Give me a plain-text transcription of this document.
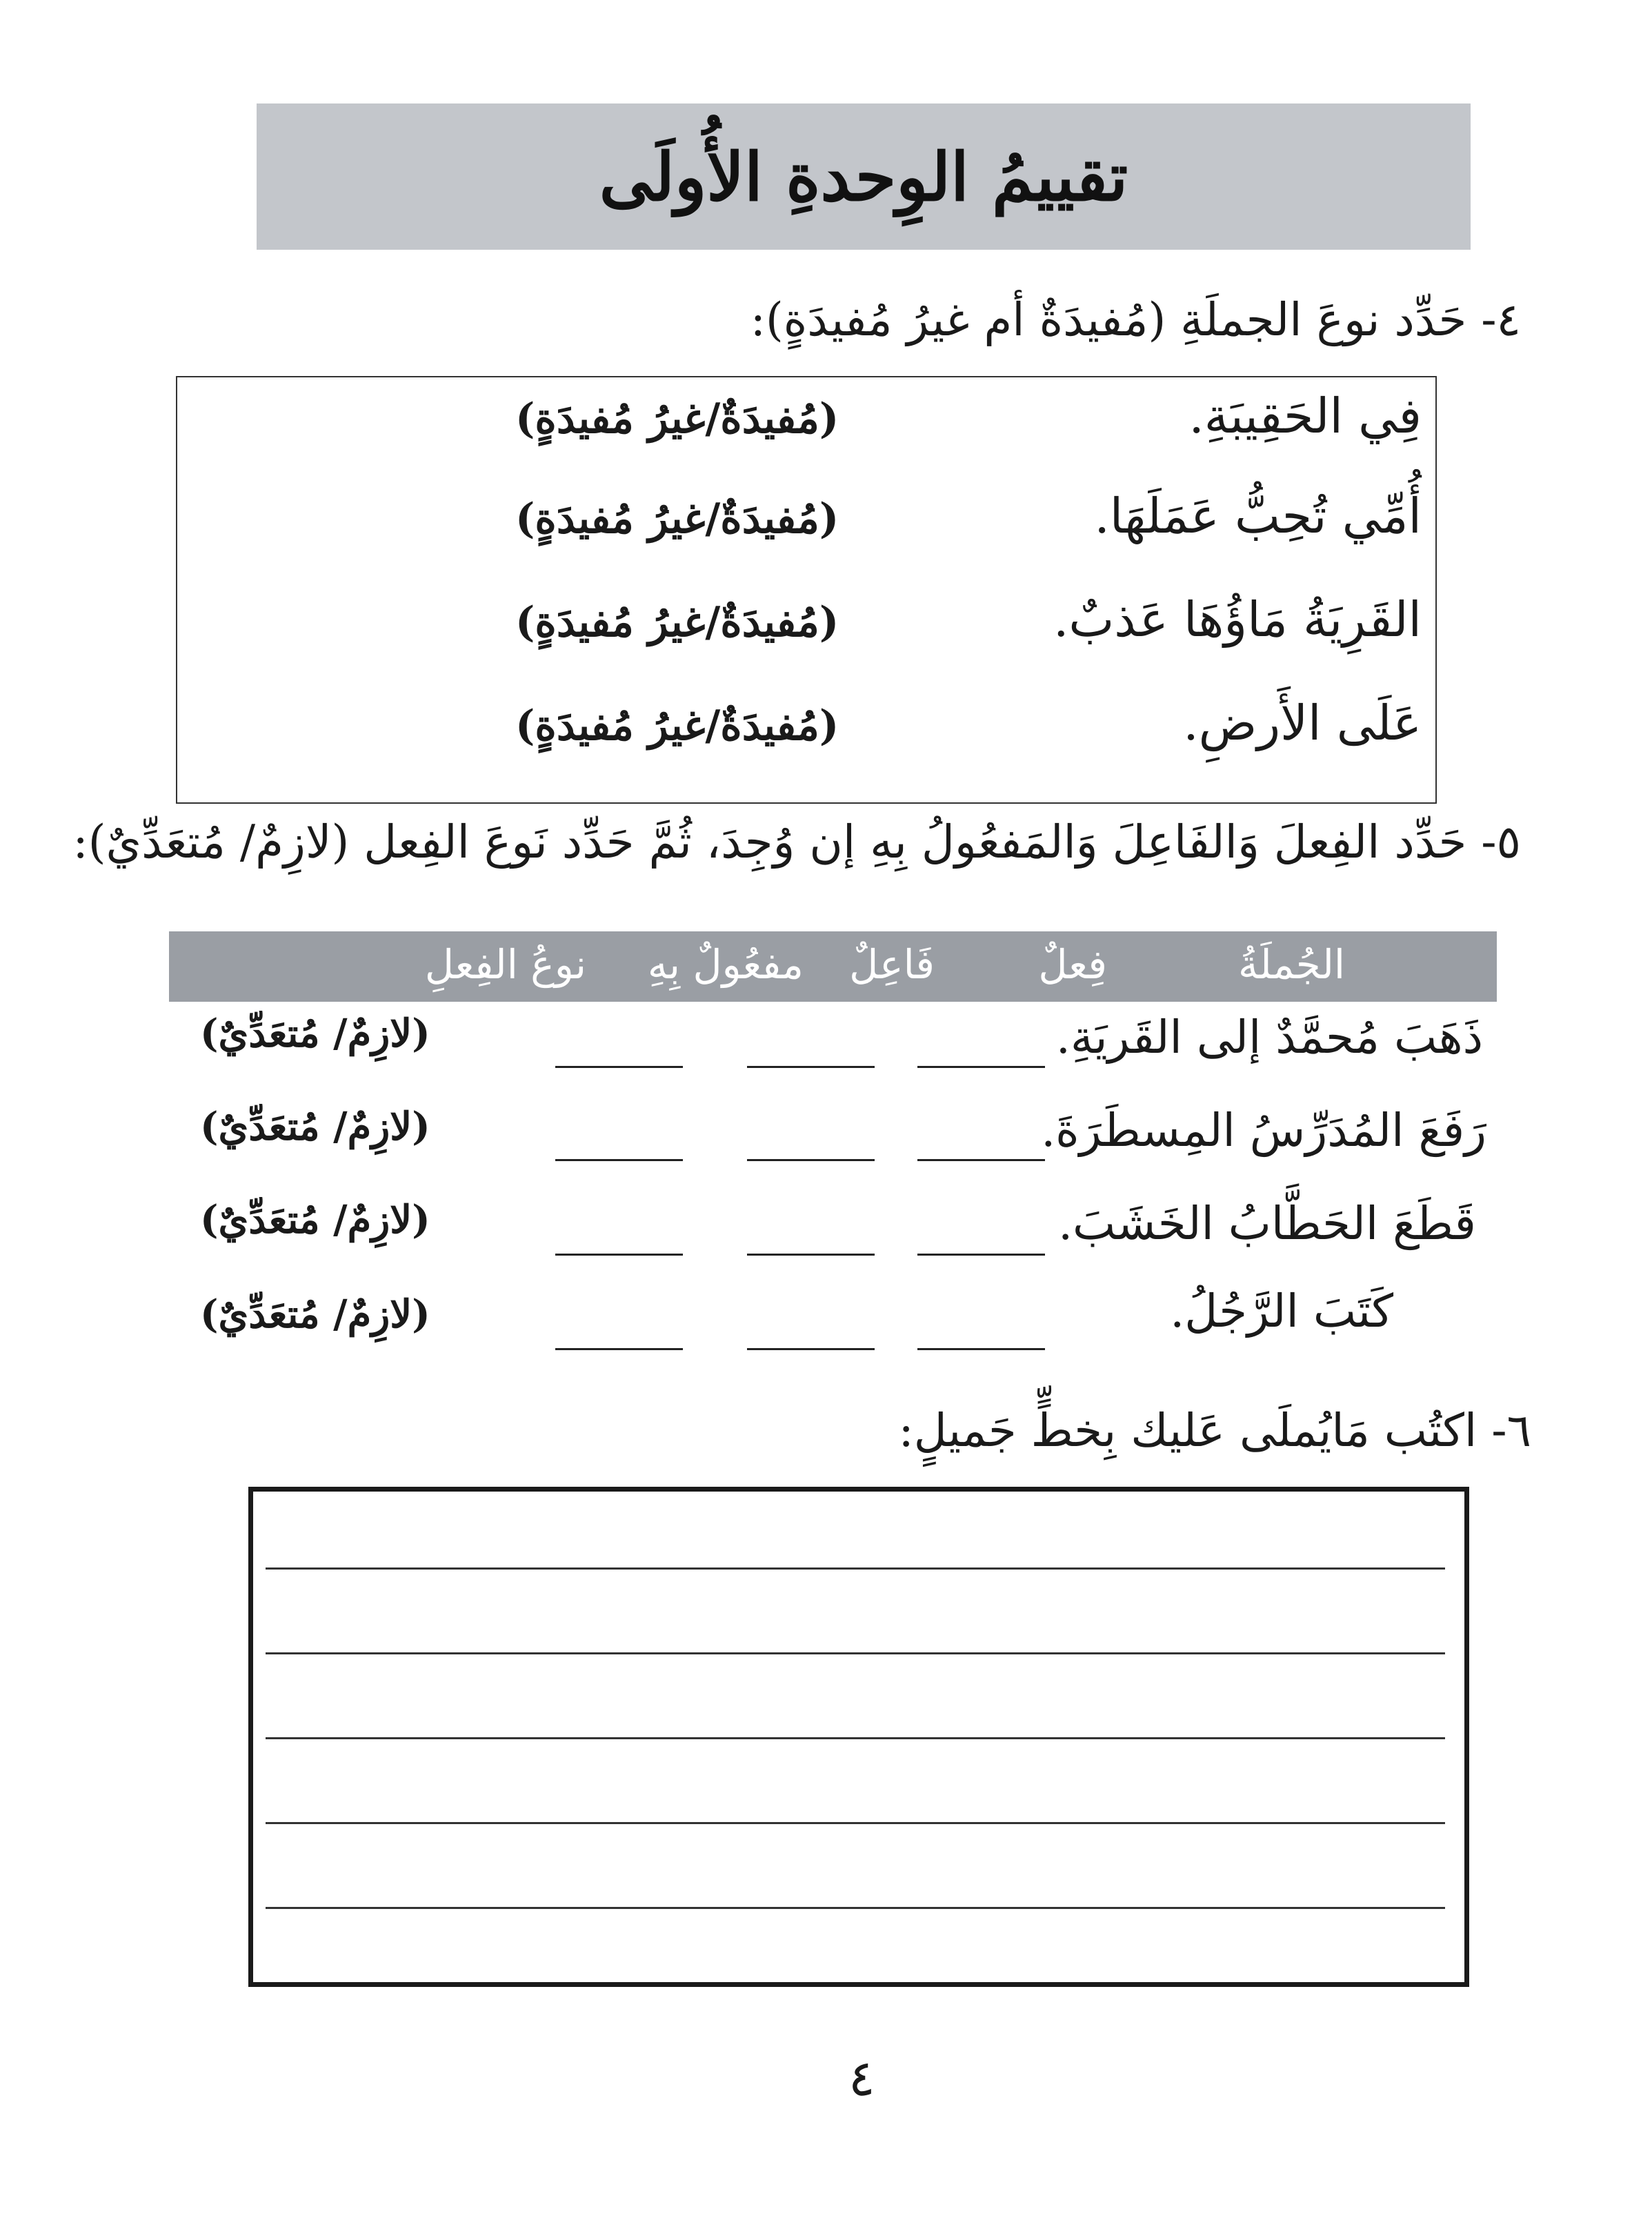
تقييمُ الوِحدةِ الأُولَى
٤- حَدِّد نوعَ الجملَةِ (مُفيدَةٌ أم غيرُ مُفيدَةٍ):
فِي الحَقِيبَةِ.
(مُفيدَةٌ/غيرُ مُفيدَةٍ)
أُمِّي تُحِبُّ عَمَلَهَا.
(مُفيدَةٌ/غيرُ مُفيدَةٍ)
القَرِيَةُ مَاؤُهَا عَذبٌ.
(مُفيدَةٌ/غيرُ مُفيدَةٍ)
عَلَى الأَرضِ.
(مُفيدَةٌ/غيرُ مُفيدَةٍ)
٥- حَدِّد الفِعلَ وَالفَاعِلَ وَالمَفعُولُ بِهِ إن وُجِدَ، ثُمَّ حَدِّد نَوعَ الفِعل (لازِمٌ/ مُتعَدِّيٌ):
الجُملَةُ
فِعلٌ
فَاعِلٌ
مفعُولٌ بِهِ
نوعُ الفِعلِ
ذَهَبَ مُحمَّدٌ إلى القَريَةِ.
(لازِمٌ/ مُتعَدِّيٌ)
رَفَعَ المُدَرِّسُ المِسطَرَةَ.
(لازِمٌ/ مُتعَدِّيٌ)
قَطَعَ الحَطَّابُ الخَشَبَ.
(لازِمٌ/ مُتعَدِّيٌ)
كَتَبَ الرَّجُلُ.
(لازِمٌ/ مُتعَدِّيٌ)
٦- اكتُب مَايُملَى عَليك بِخطٍّ جَميلٍ:
٤
